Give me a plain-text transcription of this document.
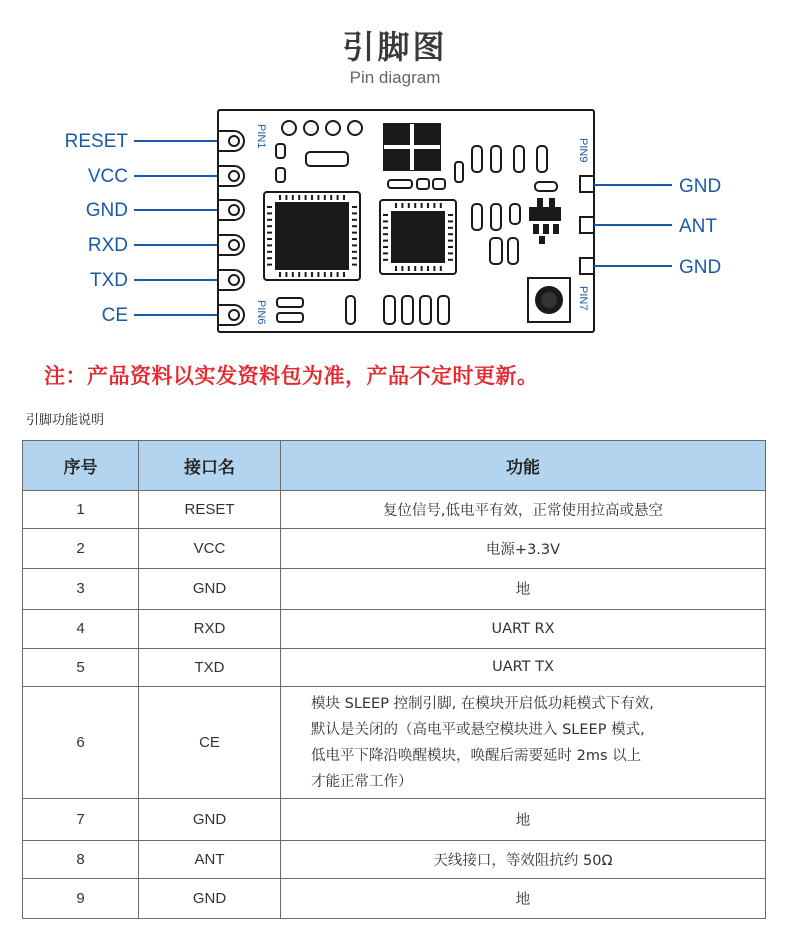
引脚图
Pin diagram
RESET
VCC
GND
RXD
TXD
CE
PIN1
PIN6
PIN9
PIN7
GND
ANT
GND
注：产品资料以实发资料包为准，产品不定时更新。
引脚功能说明
序号	接口名	功能
1	RESET	复位信号,低电平有效，正常使用拉高或悬空

2	VCC	电源+3.3V

3	GND	地

4	RXD	UART RX

5	TXD	UART TX

6	CE	模块 SLEEP 控制引脚, 在模块开启低功耗模式下有效,
默认是关闭的（高电平或悬空模块进入 SLEEP 模式,
低电平下降沿唤醒模块，唤醒后需要延时 2ms 以上
才能正常工作）

7	GND	地

8	ANT	天线接口，等效阻抗约 50Ω

9	GND	地
